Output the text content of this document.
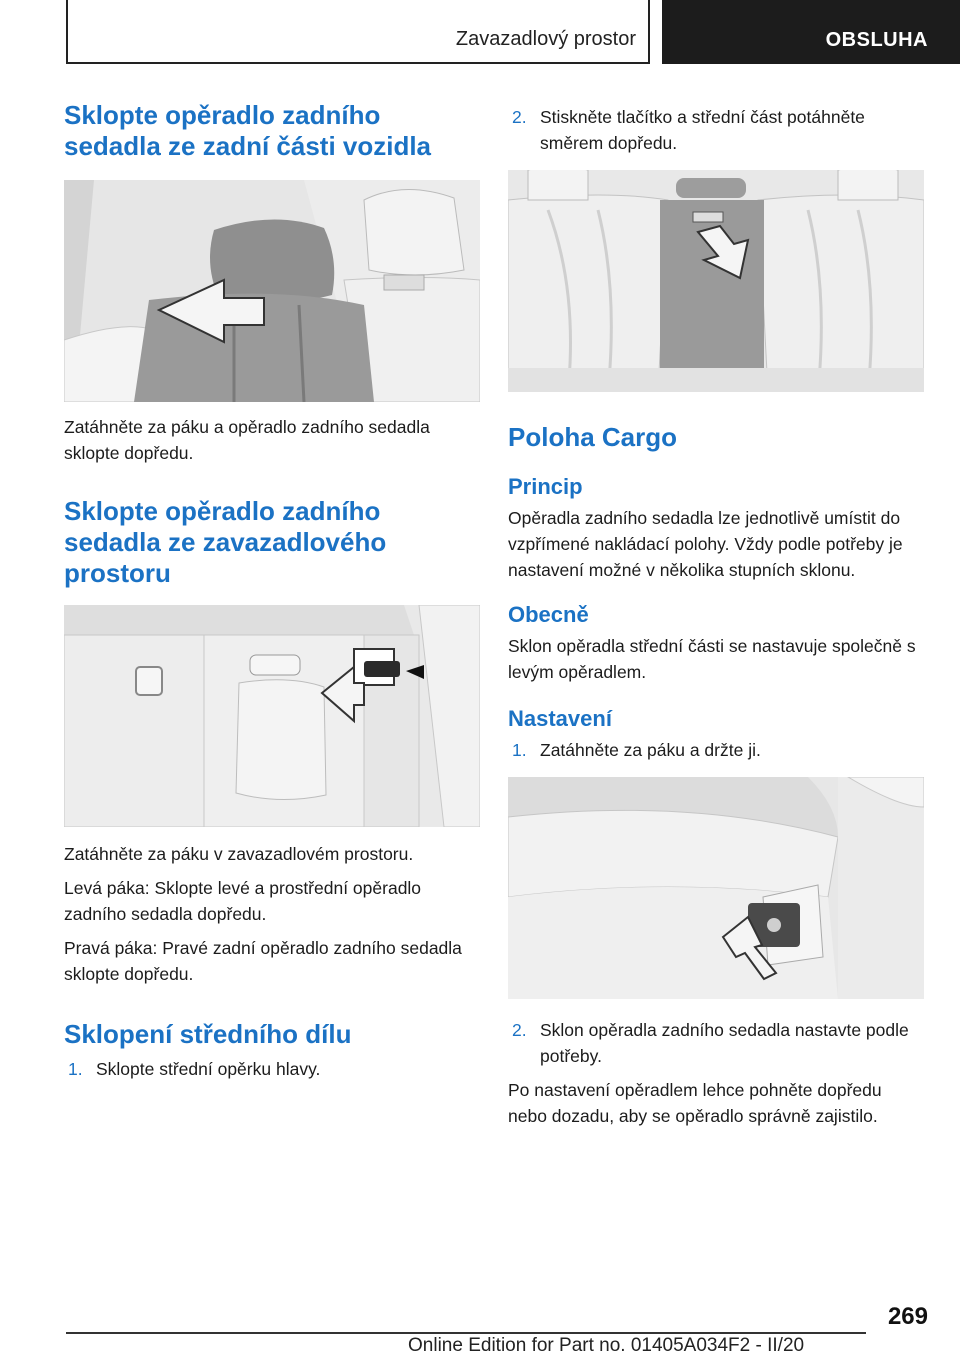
Zavazadlový prostor	OBSLUHA
Sklopte opěradlo zadního sedadla ze zadní části vozidla

Zatáhněte za páku a opěradlo zadního sedadla sklopte dopředu.

Sklopte opěradlo zadního sedadla ze zavazadlového prostoru

Zatáhněte za páku v zavazadlovém prostoru.

Levá páka: Sklopte levé a prostřední opěradlo zadního sedadla dopředu.

Pravá páka: Pravé zadní opěradlo zadního sedadla sklopte dopředu.

Sklopení středního dílu
1. Sklopte střední opěrku hlavy.
2. Stiskněte tlačítko a střední část potáhněte směrem dopředu.
Poloha Cargo
Princip

Opěradla zadního sedadla lze jednotlivě umístit do vzpřímené nakládací polohy. Vždy podle potřeby je nastavení možné v několika stupních sklonu.

Obecně

Sklon opěradla střední části se nastavuje společně s levým opěradlem.

Nastavení
1. Zatáhněte za páku a držte ji.
2. Sklon opěradla zadního sedadla nastavte podle potřeby.

Po nastavení opěradlem lehce pohněte dopředu nebo dozadu, aby se opěradlo správně zajistilo.

269
Online Edition for Part no. 01405A034F2 - II/20
